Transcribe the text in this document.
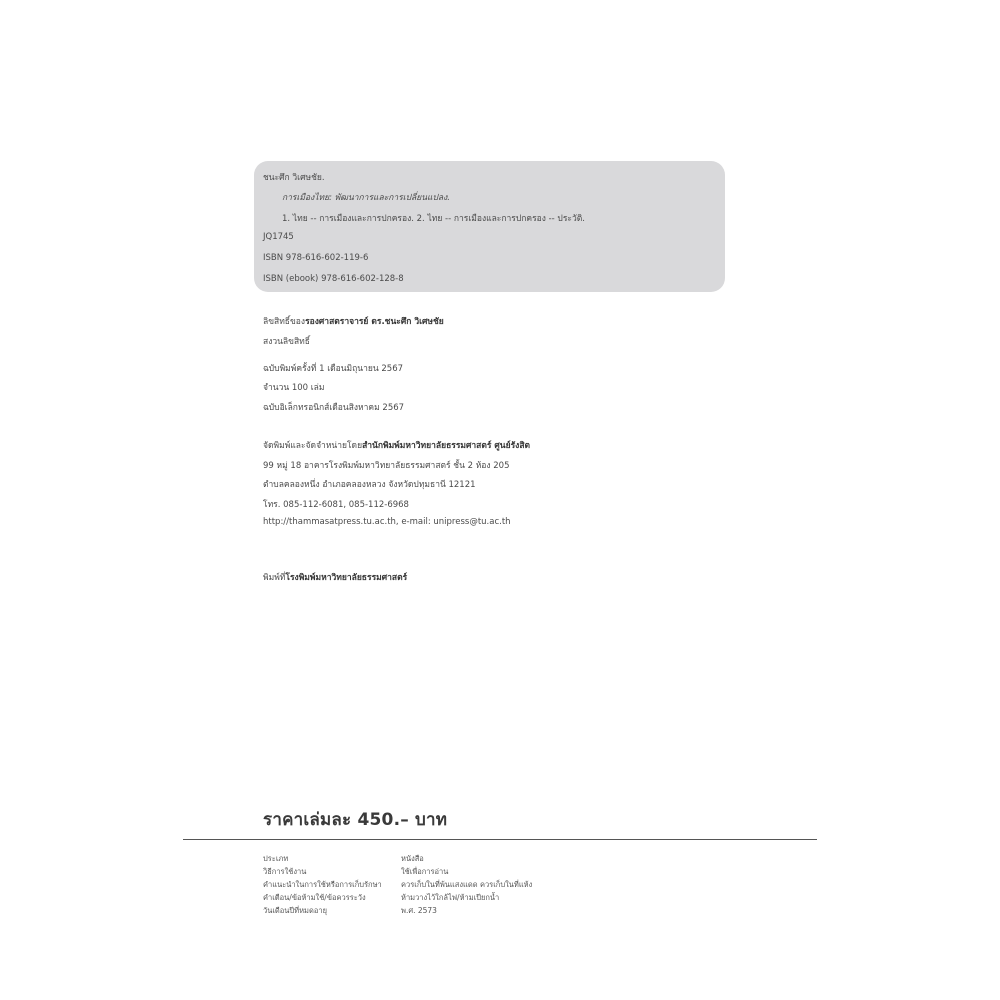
ชนะศึก วิเศษชัย.
การเมืองไทย: พัฒนาการและการเปลี่ยนแปลง.
1. ไทย -- การเมืองและการปกครอง. 2. ไทย -- การเมืองและการปกครอง -- ประวัติ.
JQ1745
ISBN 978-616-602-119-6
ISBN (ebook) 978-616-602-128-8
ลิขสิทธิ์ของรองศาสตราจารย์ ดร.ชนะศึก วิเศษชัย
สงวนลิขสิทธิ์
ฉบับพิมพ์ครั้งที่ 1 เดือนมิถุนายน 2567
จำนวน 100 เล่ม
ฉบับอิเล็กทรอนิกส์เดือนสิงหาคม 2567
จัดพิมพ์และจัดจำหน่ายโดยสำนักพิมพ์มหาวิทยาลัยธรรมศาสตร์ ศูนย์รังสิต
99 หมู่ 18 อาคารโรงพิมพ์มหาวิทยาลัยธรรมศาสตร์ ชั้น 2 ห้อง 205
ตำบลคลองหนึ่ง อำเภอคลองหลวง จังหวัดปทุมธานี 12121
โทร. 085-112-6081, 085-112-6968
http://thammasatpress.tu.ac.th, e-mail: unipress@tu.ac.th
พิมพ์ที่โรงพิมพ์มหาวิทยาลัยธรรมศาสตร์
ราคาเล่มละ 450.– บาท
ประเภท
วิธีการใช้งาน
คำแนะนำในการใช้หรือการเก็บรักษา
คำเตือน/ข้อห้ามใช้/ข้อควรระวัง
วันเดือนปีที่หมดอายุ
หนังสือ
ใช้เพื่อการอ่าน
ควรเก็บในที่พ้นแสงแดด ควรเก็บในที่แห้ง
ห้ามวางไว้ใกล้ไฟ/ห้ามเปียกน้ำ
พ.ศ. 2573
